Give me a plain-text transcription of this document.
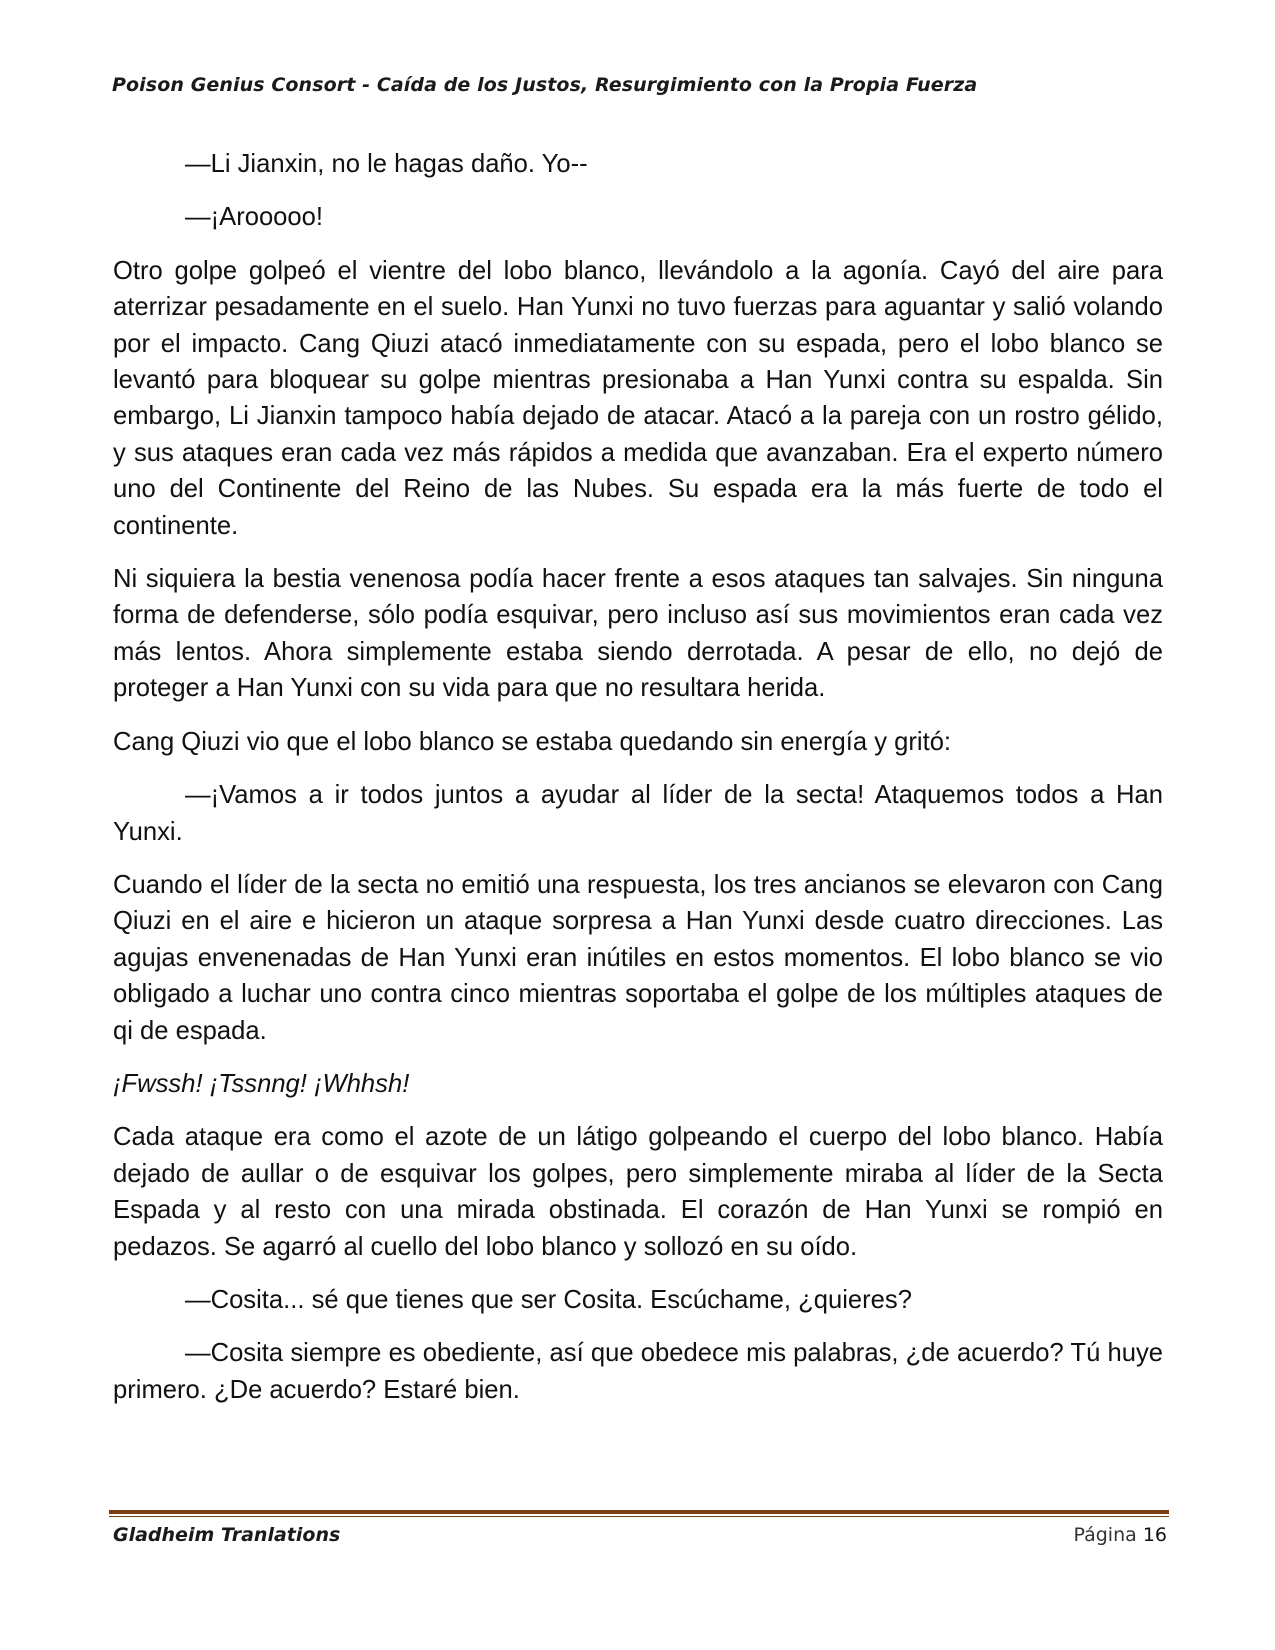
Poison Genius Consort - Caída de los Justos, Resurgimiento con la Propia Fuerza

—Li Jianxin, no le hagas daño. Yo--

—¡Arooooo!

Otro golpe golpeó el vientre del lobo blanco, llevándolo a la agonía. Cayó del aire para aterrizar pesadamente en el suelo. Han Yunxi no tuvo fuerzas para aguantar y salió volando por el impacto. Cang Qiuzi atacó inmediatamente con su espada, pero el lobo blanco se levantó para bloquear su golpe mientras presionaba a Han Yunxi contra su espalda. Sin embargo, Li Jianxin tampoco había dejado de atacar. Atacó a la pareja con un rostro gélido, y sus ataques eran cada vez más rápidos a medida que avanzaban. Era el experto número uno del Continente del Reino de las Nubes. Su espada era la más fuerte de todo el continente.

Ni siquiera la bestia venenosa podía hacer frente a esos ataques tan salvajes. Sin ninguna forma de defenderse, sólo podía esquivar, pero incluso así sus movimientos eran cada vez más lentos. Ahora simplemente estaba siendo derrotada. A pesar de ello, no dejó de proteger a Han Yunxi con su vida para que no resultara herida.

Cang Qiuzi vio que el lobo blanco se estaba quedando sin energía y gritó:

—¡Vamos a ir todos juntos a ayudar al líder de la secta! Ataquemos todos a Han Yunxi.

Cuando el líder de la secta no emitió una respuesta, los tres ancianos se elevaron con Cang Qiuzi en el aire e hicieron un ataque sorpresa a Han Yunxi desde cuatro direcciones. Las agujas envenenadas de Han Yunxi eran inútiles en estos momentos. El lobo blanco se vio obligado a luchar uno contra cinco mientras soportaba el golpe de los múltiples ataques de qi de espada.

¡Fwssh! ¡Tssnng! ¡Whhsh!

Cada ataque era como el azote de un látigo golpeando el cuerpo del lobo blanco. Había dejado de aullar o de esquivar los golpes, pero simplemente miraba al líder de la Secta Espada y al resto con una mirada obstinada. El corazón de Han Yunxi se rompió en pedazos. Se agarró al cuello del lobo blanco y sollozó en su oído.

—Cosita... sé que tienes que ser Cosita. Escúchame, ¿quieres?

—Cosita siempre es obediente, así que obedece mis palabras, ¿de acuerdo? Tú huye primero. ¿De acuerdo? Estaré bien.

Gladheim Tranlations	Página 16
